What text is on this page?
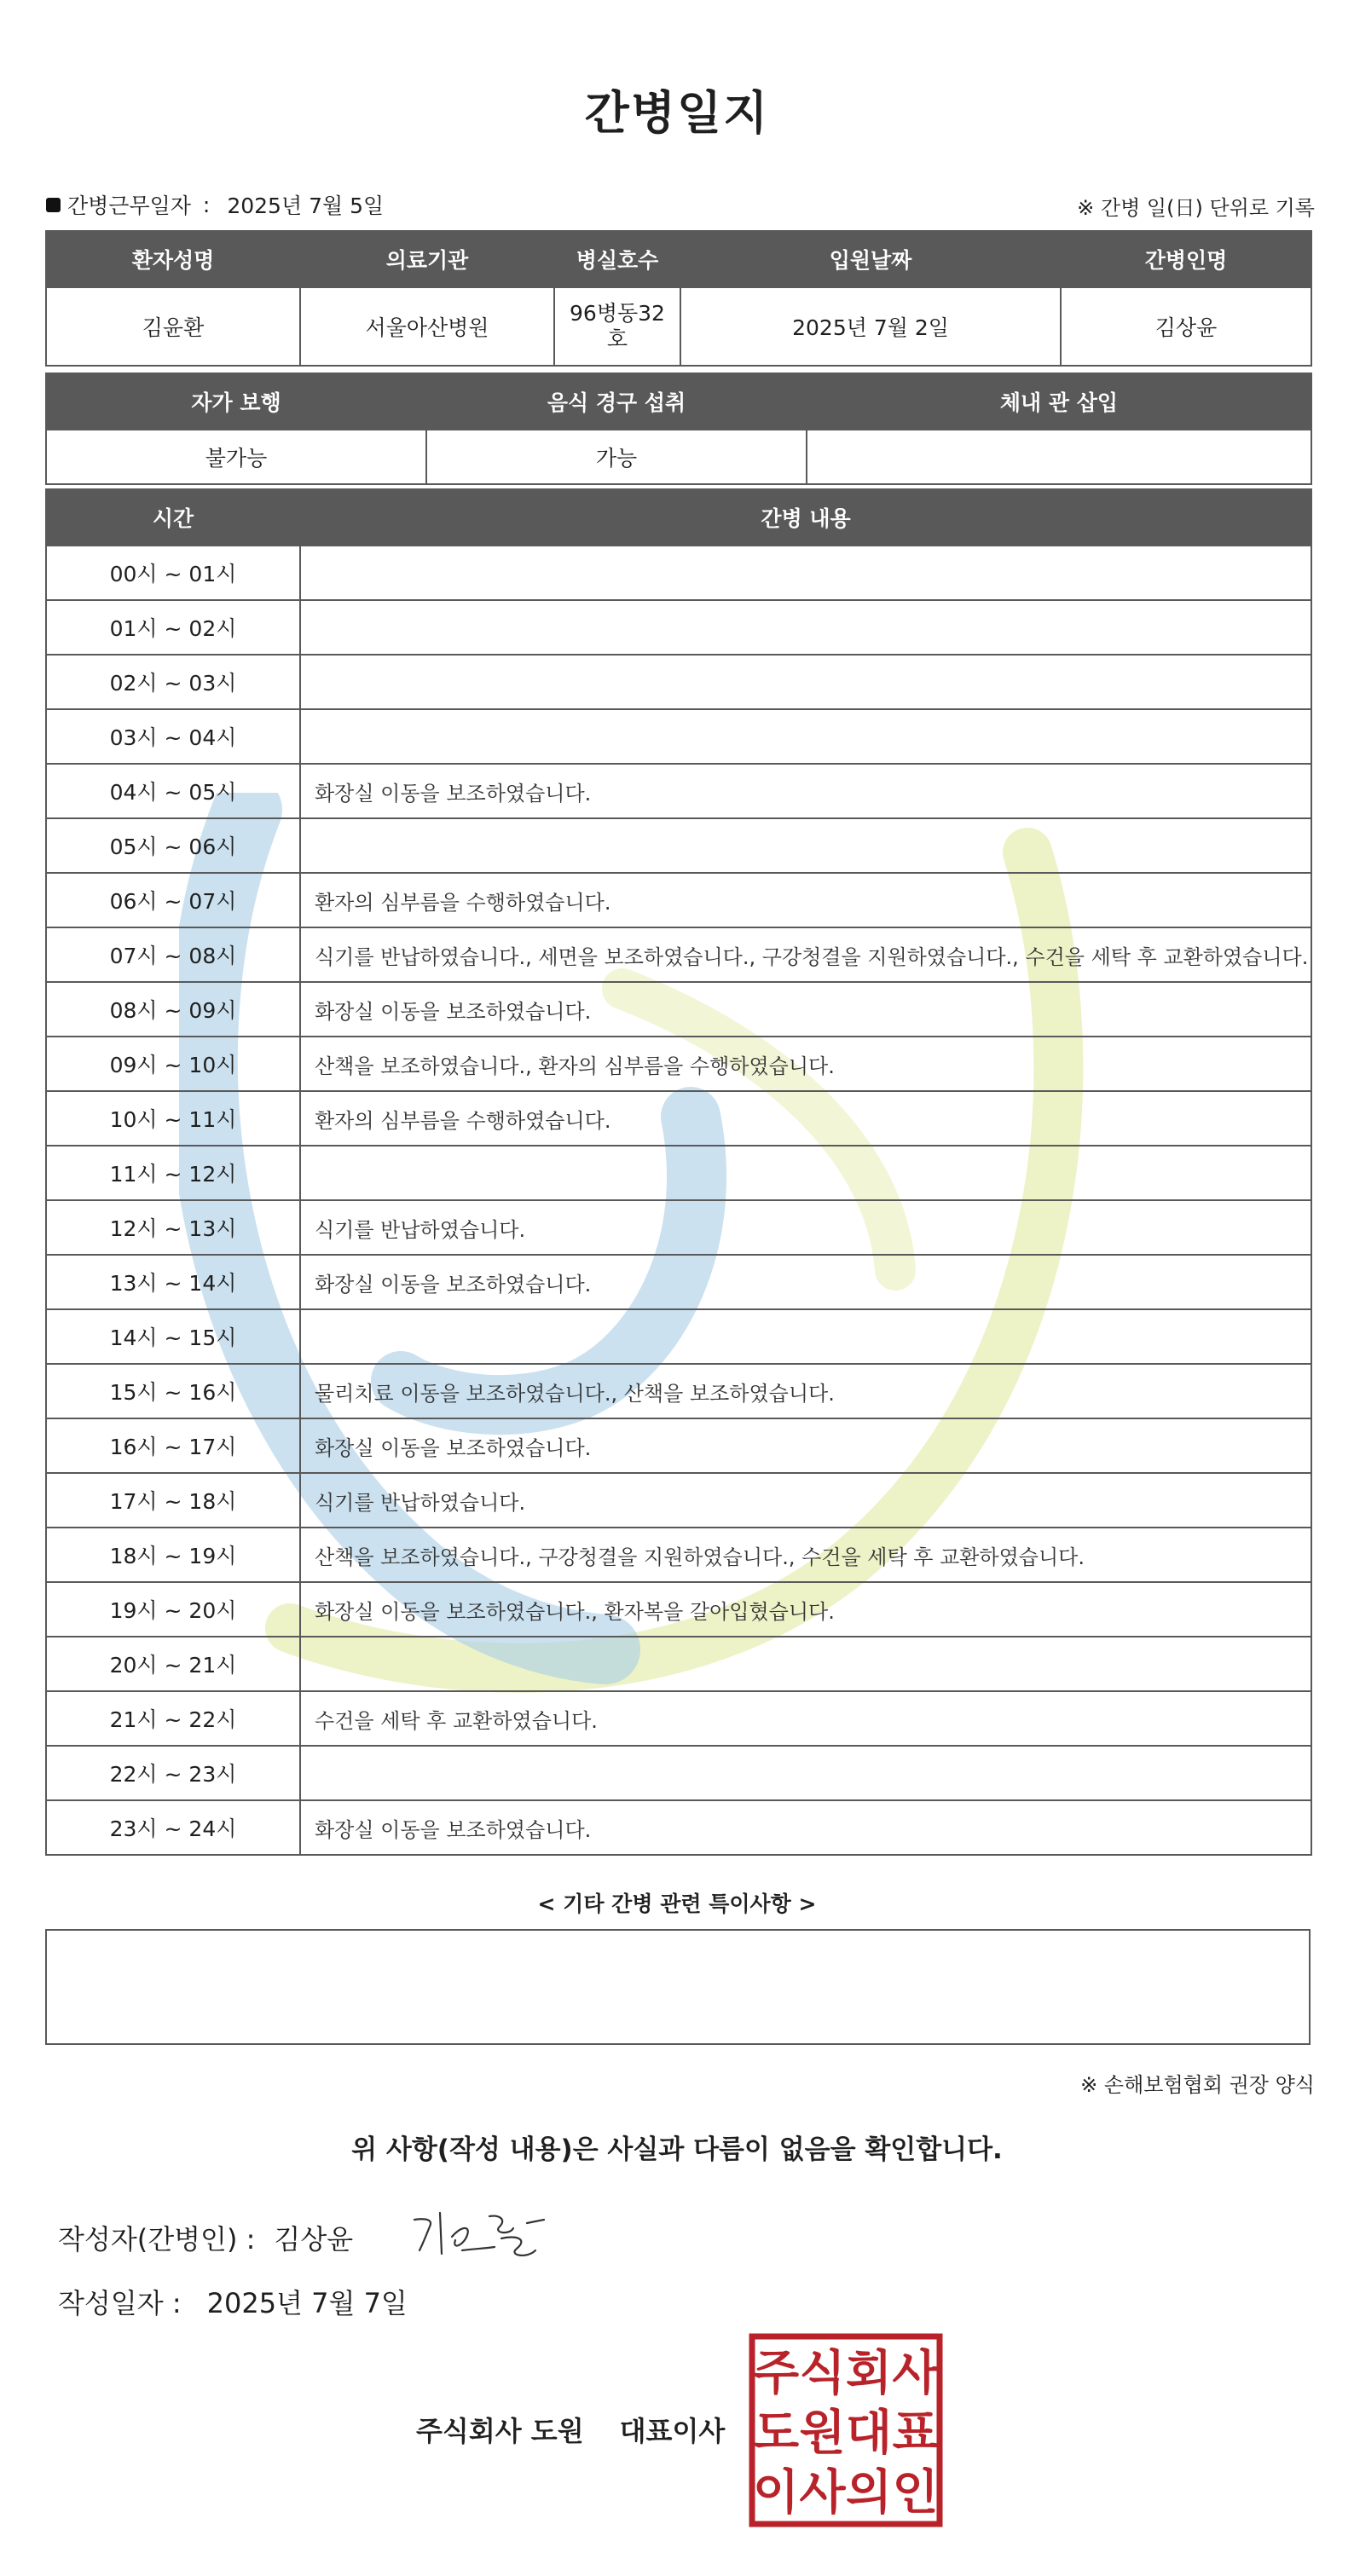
간병일지
간병근무일자 : 2025년 7월 5일	※ 간병 일(日) 단위로 기록
환자성명	의료기관	병실호수	입원날짜	간병인명
김윤환	서울아산병원	96병동32호	2025년 7월 2일	김상윤
자가 보행	음식 경구 섭취	체내 관 삽입
불가능	가능	
시간	간병 내용
00시 ~ 01시	
01시 ~ 02시	
02시 ~ 03시	
03시 ~ 04시	
04시 ~ 05시	화장실 이동을 보조하였습니다.
05시 ~ 06시	
06시 ~ 07시	환자의 심부름을 수행하였습니다.
07시 ~ 08시	식기를 반납하였습니다., 세면을 보조하였습니다., 구강청결을 지원하였습니다., 수건을 세탁 후 교환하였습니다.
08시 ~ 09시	화장실 이동을 보조하였습니다.
09시 ~ 10시	산책을 보조하였습니다., 환자의 심부름을 수행하였습니다.
10시 ~ 11시	환자의 심부름을 수행하였습니다.
11시 ~ 12시	
12시 ~ 13시	식기를 반납하였습니다.
13시 ~ 14시	화장실 이동을 보조하였습니다.
14시 ~ 15시	
15시 ~ 16시	물리치료 이동을 보조하였습니다., 산책을 보조하였습니다.
16시 ~ 17시	화장실 이동을 보조하였습니다.
17시 ~ 18시	식기를 반납하였습니다.
18시 ~ 19시	산책을 보조하였습니다., 구강청결을 지원하였습니다., 수건을 세탁 후 교환하였습니다.
19시 ~ 20시	화장실 이동을 보조하였습니다., 환자복을 갈아입혔습니다.
20시 ~ 21시	
21시 ~ 22시	수건을 세탁 후 교환하였습니다.
22시 ~ 23시	
23시 ~ 24시	화장실 이동을 보조하였습니다.
< 기타 간병 관련 특이사항 >
※ 손해보험협회 권장 양식
위 사항(작성 내용)은 사실과 다름이 없음을 확인합니다.
작성자(간병인) : 김상윤
작성일자 : 2025년 7월 7일
주식회사 도원 대표이사
주 식 회 사
도 원 대 표
이 사 의 인
